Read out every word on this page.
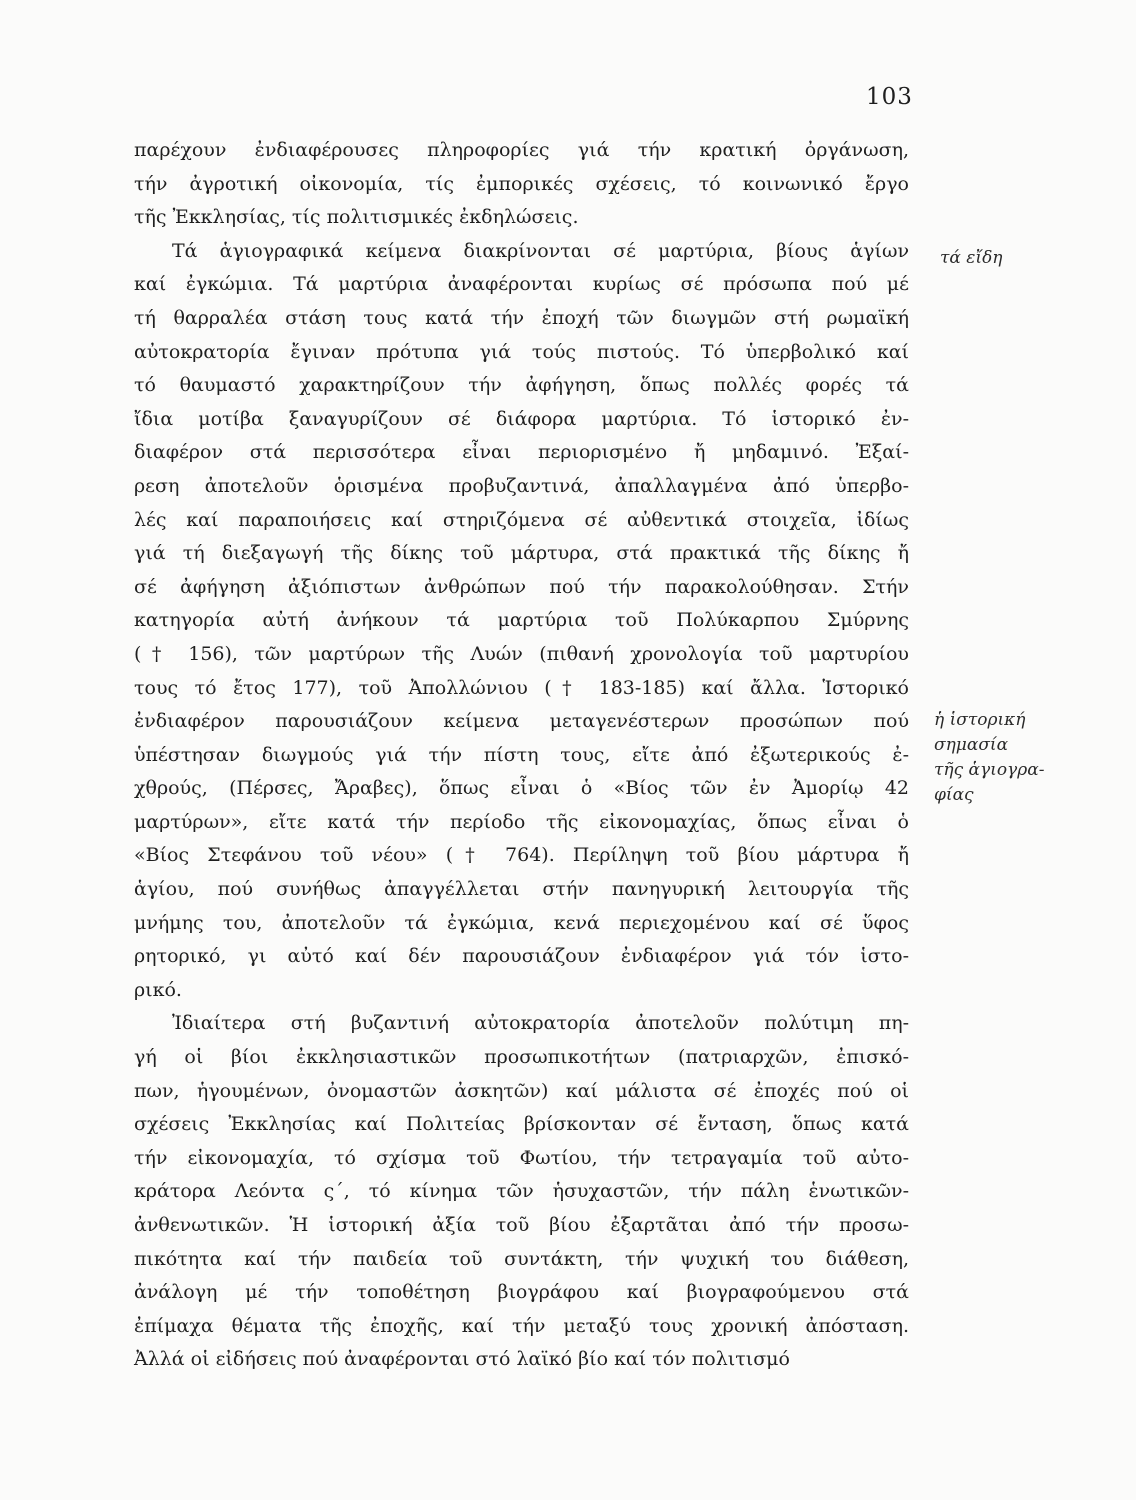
103
παρέχουν ἐνδιαφέρουσες πληροφορίες γιά τήν κρατική ὀργάνωση,
τήν ἀγροτική οἰκονομία, τίς ἐμπορικές σχέσεις, τό κοινωνικό ἔργο
τῆς Ἐκκλησίας, τίς πολιτισμικές ἐκδηλώσεις.
Τά ἁγιογραφικά κείμενα διακρίνονται σέ μαρτύρια, βίους ἁγίων
καί ἐγκώμια. Τά μαρτύρια ἀναφέρονται κυρίως σέ πρόσωπα πού μέ
τή θαρραλέα στάση τους κατά τήν ἐποχή τῶν διωγμῶν στή ρωμαϊκή
αὐτοκρατορία ἔγιναν πρότυπα γιά τούς πιστούς. Τό ὑπερβολικό καί
τό θαυμαστό χαρακτηρίζουν τήν ἀφήγηση, ὅπως πολλές φορές τά
ἴδια μοτίβα ξαναγυρίζουν σέ διάφορα μαρτύρια. Τό ἱστορικό ἐν-
διαφέρον στά περισσότερα εἶναι περιορισμένο ἤ μηδαμινό. Ἐξαί-
ρεση ἀποτελοῦν ὁρισμένα προβυζαντινά, ἀπαλλαγμένα ἀπό ὑπερβο-
λές καί παραποιήσεις καί στηριζόμενα σέ αὐθεντικά στοιχεῖα, ἰδίως
γιά τή διεξαγωγή τῆς δίκης τοῦ μάρτυρα, στά πρακτικά τῆς δίκης ἤ
σέ ἀφήγηση ἀξιόπιστων ἀνθρώπων πού τήν παρακολούθησαν. Στήν
κατηγορία αὐτή ἀνήκουν τά μαρτύρια τοῦ Πολύκαρπου Σμύρνης
(† 156), τῶν μαρτύρων τῆς Λυών (πιθανή χρονολογία τοῦ μαρτυρίου
τους τό ἔτος 177), τοῦ Ἀπολλώνιου († 183-185) καί ἄλλα. Ἱστορικό
ἐνδιαφέρον παρουσιάζουν κείμενα μεταγενέστερων προσώπων πού
ὑπέστησαν διωγμούς γιά τήν πίστη τους, εἴτε ἀπό ἐξωτερικούς ἐ-
χθρούς, (Πέρσες, Ἄραβες), ὅπως εἶναι ὁ «Βίος τῶν ἐν Ἀμορίῳ 42
μαρτύρων», εἴτε κατά τήν περίοδο τῆς εἰκονομαχίας, ὅπως εἶναι ὁ
«Βίος Στεφάνου τοῦ νέου» († 764). Περίληψη τοῦ βίου μάρτυρα ἤ
ἁγίου, πού συνήθως ἀπαγγέλλεται στήν πανηγυρική λειτουργία τῆς
μνήμης του, ἀποτελοῦν τά ἐγκώμια, κενά περιεχομένου καί σέ ὕφος
ρητορικό, γι αὐτό καί δέν παρουσιάζουν ἐνδιαφέρον γιά τόν ἱστο-
ρικό.
Ἰδιαίτερα στή βυζαντινή αὐτοκρατορία ἀποτελοῦν πολύτιμη πη-
γή οἱ βίοι ἐκκλησιαστικῶν προσωπικοτήτων (πατριαρχῶν, ἐπισκό-
πων, ἡγουμένων, ὀνομαστῶν ἀσκητῶν) καί μάλιστα σέ ἐποχές πού οἱ
σχέσεις Ἐκκλησίας καί Πολιτείας βρίσκονταν σέ ἔνταση, ὅπως κατά
τήν εἰκονομαχία, τό σχίσμα τοῦ Φωτίου, τήν τετραγαμία τοῦ αὐτο-
κράτορα Λεόντα ς΄, τό κίνημα τῶν ἡσυχαστῶν, τήν πάλη ἑνωτικῶν-
ἀνθενωτικῶν. Ἡ ἱστορική ἀξία τοῦ βίου ἐξαρτᾶται ἀπό τήν προσω-
πικότητα καί τήν παιδεία τοῦ συντάκτη, τήν ψυχική του διάθεση,
ἀνάλογη μέ τήν τοποθέτηση βιογράφου καί βιογραφούμενου στά
ἐπίμαχα θέματα τῆς ἐποχῆς, καί τήν μεταξύ τους χρονική ἀπόσταση.
Ἀλλά οἱ εἰδήσεις πού ἀναφέρονται στό λαϊκό βίο καί τόν πολιτισμό
τά εἴδη
ἡ ἱστορική
σημασία
τῆς ἁγιογρα-
φίας
